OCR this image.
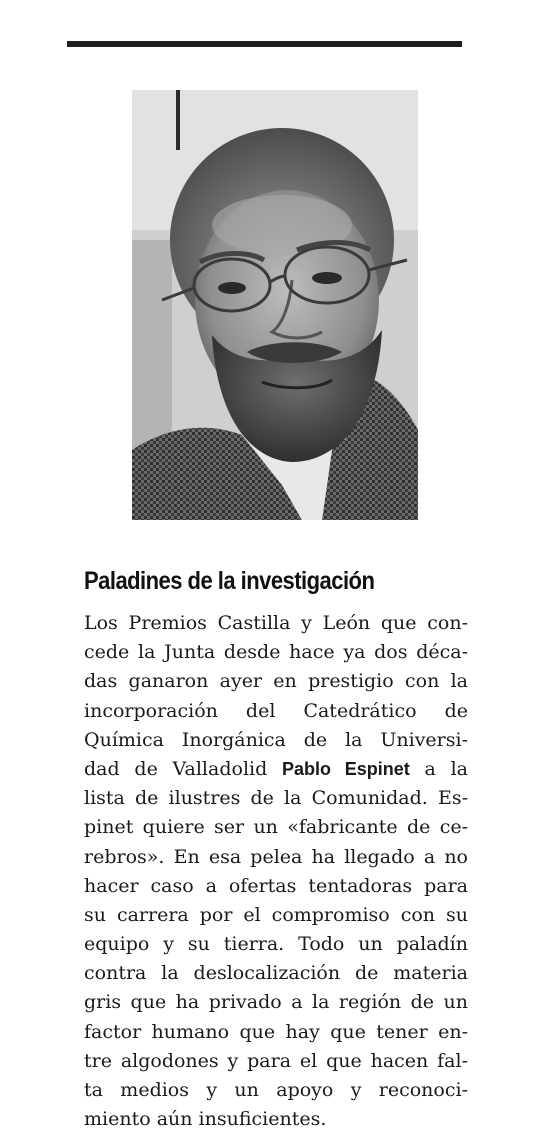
Paladines de la investigación

Los Premios Castilla y León que con-
cede la Junta desde hace ya dos déca-
das ganaron ayer en prestigio con la
incorporación del Catedrático de
Química Inorgánica de la Universi-
dad de Valladolid Pablo Espinet a la
lista de ilustres de la Comunidad. Es-
pinet quiere ser un «fabricante de ce-
rebros». En esa pelea ha llegado a no
hacer caso a ofertas tentadoras para
su carrera por el compromiso con su
equipo y su tierra. Todo un paladín
contra la deslocalización de materia
gris que ha privado a la región de un
factor humano que hay que tener en-
tre algodones y para el que hacen fal-
ta medios y un apoyo y reconoci-
miento aún insuficientes.
